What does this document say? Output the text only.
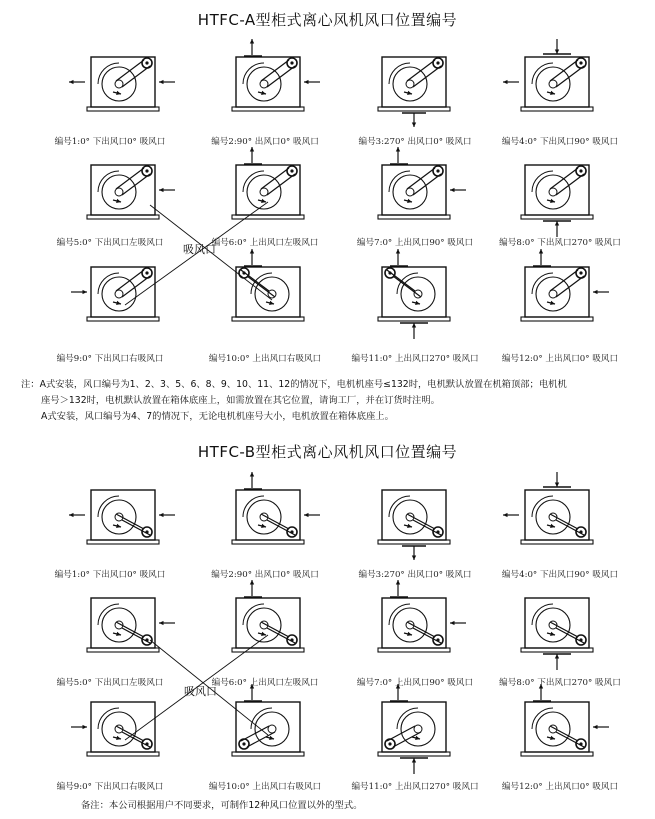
HTFC-A型柜式离心风机风口位置编号
HTFC-B型柜式离心风机风口位置编号
编号1:0° 下出风口0° 吸风口	编号2:90° 出风口0° 吸风口	编号3:270° 出风口0° 吸风口	编号4:0° 下出风口90° 吸风口
编号5:0° 下出风口左吸风口	编号6:0° 上出风口左吸风口	编号7:0° 上出风口90° 吸风口	编号8:0° 下出风口270° 吸风口
编号9:0° 下出风口右吸风口	编号10:0° 上出风口右吸风口	编号11:0° 上出风口270° 吸风口	编号12:0° 上出风口0° 吸风口
编号1:0° 下出风口0° 吸风口	编号2:90° 出风口0° 吸风口	编号3:270° 出风口0° 吸风口	编号4:0° 下出风口90° 吸风口
编号5:0° 下出风口左吸风口	编号6:0° 上出风口左吸风口	编号7:0° 上出风口90° 吸风口	编号8:0° 下出风口270° 吸风口
编号9:0° 下出风口右吸风口	编号10:0° 上出风口右吸风口	编号11:0° 上出风口270° 吸风口	编号12:0° 上出风口0° 吸风口
吸风口
吸风口
注：A式安装，风口编号为1、2、3、5、6、8、9、10、11、12的情况下，电机机座号≤132时，电机默认放置在机箱顶部；电机机
座号＞132时，电机默认放置在箱体底座上，如需放置在其它位置，请询工厂，并在订货时注明。
A式安装，风口编号为4、7的情况下，无论电机机座号大小，电机放置在箱体底座上。
备注：本公司根据用户不同要求，可制作12种风口位置以外的型式。
